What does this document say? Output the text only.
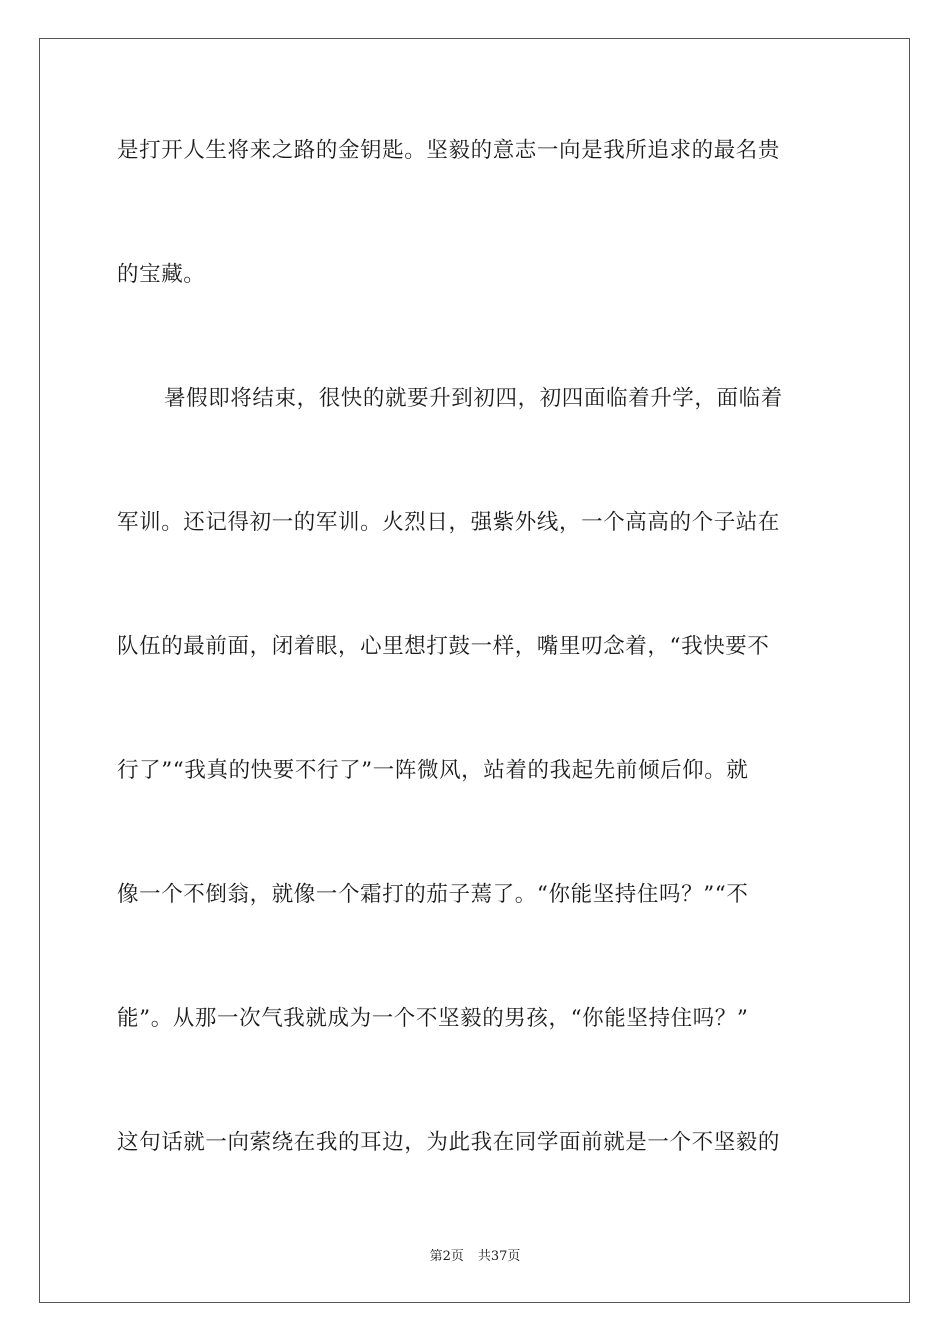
是打开人生将来之路的金钥匙。坚毅的意志一向是我所追求的最名贵
的宝藏。
暑假即将结束，很快的就要升到初四，初四面临着升学，面临着
军训。还记得初一的军训。火烈日，强紫外线，一个高高的个子站在
队伍的最前面，闭着眼，心里想打鼓一样，嘴里叨念着，“我快要不
行了”“我真的快要不行了”一阵微风，站着的我起先前倾后仰。就
像一个不倒翁，就像一个霜打的茄子蔫了。“你能坚持住吗？”“不
能”。从那一次气我就成为一个不坚毅的男孩，“你能坚持住吗？”
这句话就一向萦绕在我的耳边，为此我在同学面前就是一个不坚毅的
第2页 共37页
